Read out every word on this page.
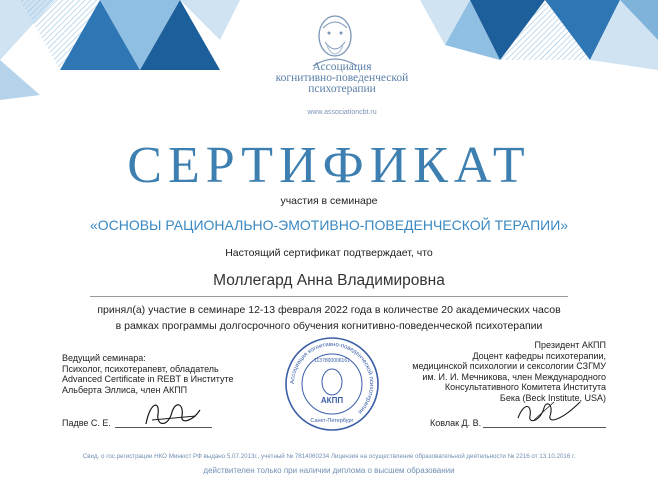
Ассоциация
когнитивно-поведенческой
психотерапии
www.associationcbt.ru
СЕРТИФИКАТ
участия в семинаре
«ОСНОВЫ РАЦИОНАЛЬНО-ЭМОТИВНО-ПОВЕДЕНЧЕСКОЙ ТЕРАПИИ»
Настоящий сертификат подтверждает, что
Моллегард Анна Владимировна
принял(а) участие в семинаре 12-13 февраля 2022 года в количестве 20 академических часов
в рамках программы долгосрочного обучения когнитивно-поведенческой психотерапии
Ведущий семинара:
Психолог, психотерапевт, обладатель
Advanced Certificate in REBT в Институте
Альберта Эллиса, член АКПП
Президент АКПП
Доцент кафедры психотерапии,
медицинской психологии и сексологии СЗГМУ
им. И. И. Мечникова, член Международного
Консультативного Комитета Института
Бека (Beck Institute, USA)
Падве С. Е.
Ассоциация когнитивно-поведенческой психотерапии
1137800006161
АКПП
Санкт-Петербург	Ковлак Д. В.
Свид. о гос.регистрации НКО Минюст РФ выдано 5.07.2013г., учетный № 7814060234 Лицензия на осуществление образовательной деятельности № 2216 от 13.10.2016 г.
действителен только при наличии диплома о высшем образовании
